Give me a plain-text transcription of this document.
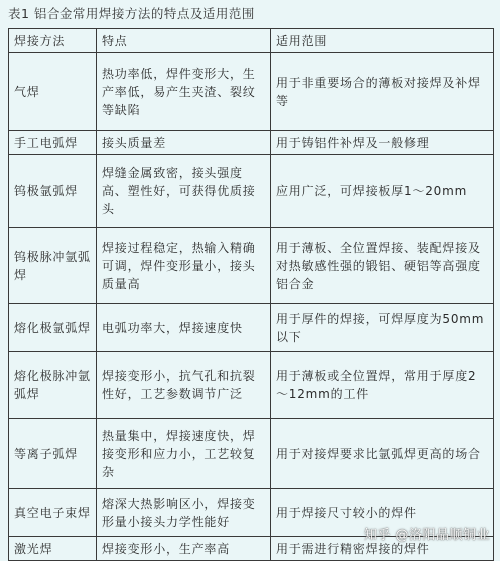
表1 铝合金常用焊接方法的特点及适用范围
焊接方法	特点	适用范围
气焊	热功率低，焊件变形大，生产率低，易产生夹渣、裂纹等缺陷	用于非重要场合的薄板对接焊及补焊等
手工电弧焊	接头质量差	用于铸铝件补焊及一般修理
钨极氩弧焊	焊缝金属致密，接头强度高、塑性好，可获得优质接头	应用广泛，可焊接板厚1～20mm
钨极脉冲氩弧焊	焊接过程稳定，热输入精确可调，焊件变形量小，接头质量高	用于薄板、全位置焊接、装配焊接及对热敏感性强的锻铝、硬铝等高强度铝合金
熔化极氩弧焊	电弧功率大，焊接速度快	用于厚件的焊接，可焊厚度为50mm以下
熔化极脉冲氩弧焊	焊接变形小，抗气孔和抗裂性好，工艺参数调节广泛	用于薄板或全位置焊，常用于厚度2～12mm的工件
等离子弧焊	热量集中，焊接速度快，焊接变形和应力小，工艺较复杂	用于对接焊要求比氩弧焊更高的场合
真空电子束焊	熔深大热影响区小，焊接变形量小接头力学性能好	用于焊接尺寸较小的焊件
激光焊	焊接变形小，生产率高	用于需进行精密焊接的焊件
知乎 @洛阳晶顺铜业
